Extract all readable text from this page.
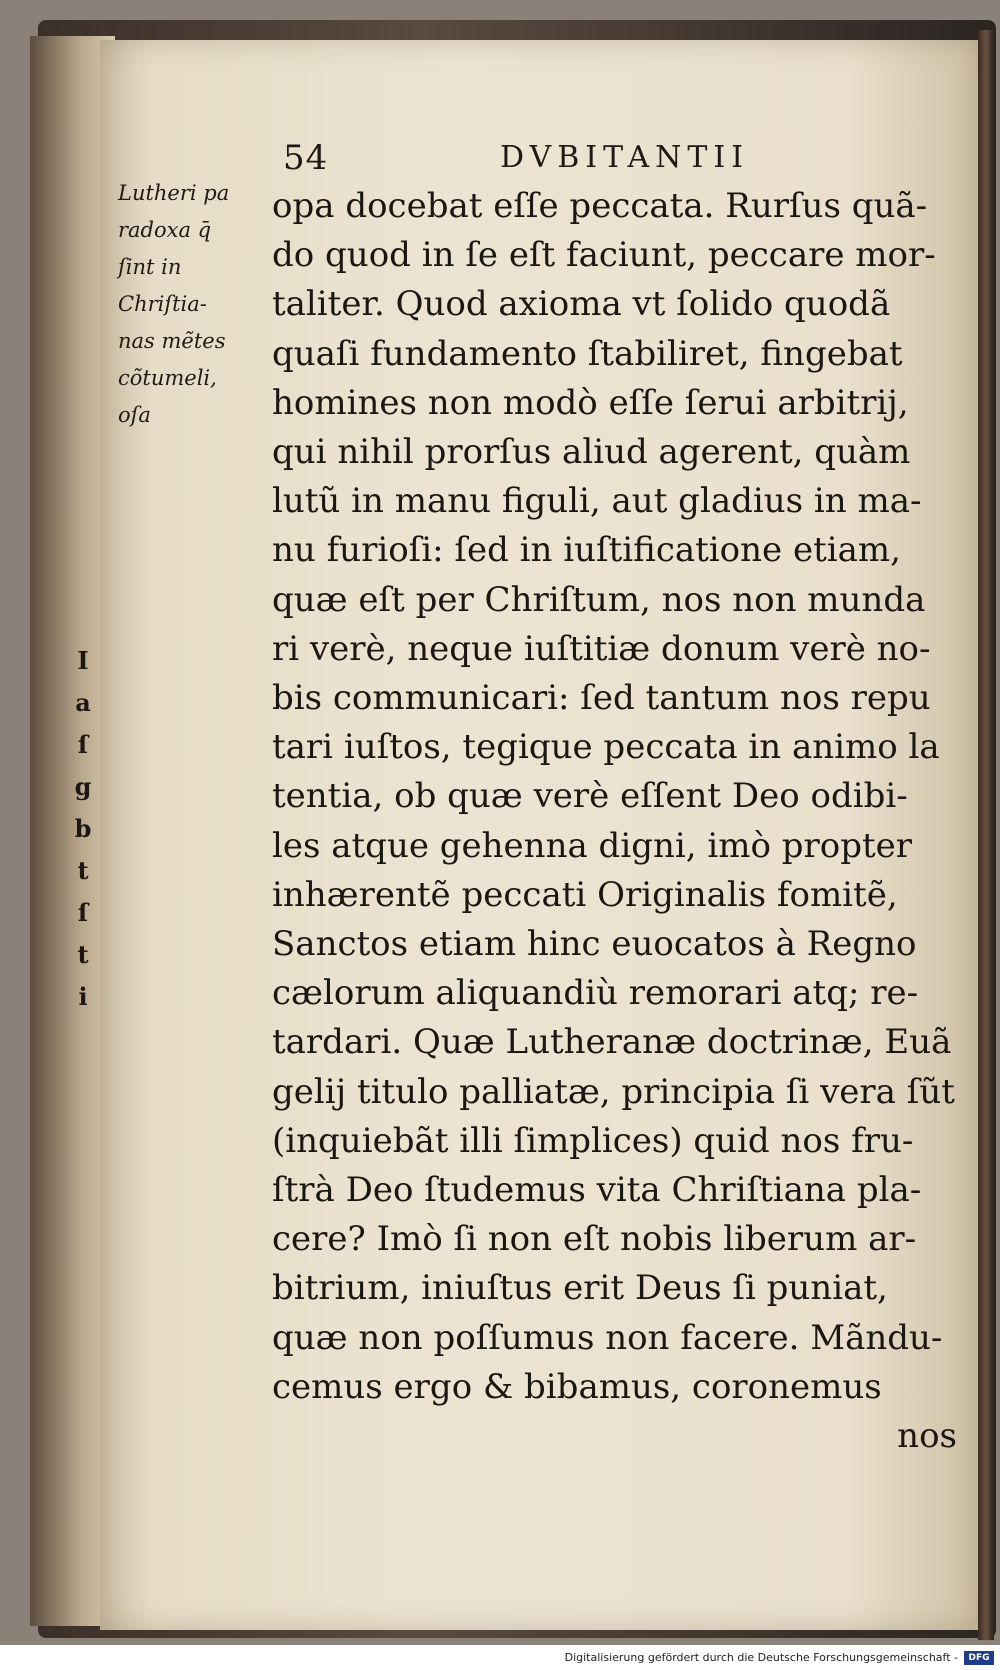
I
a
ſ
g
b
t
ſ
t
i
54	DVBITANTII
Lutheri pa
radoxa q̄
ſint in
Chriſtia-
nas mẽtes
cõtumeli,
oſa
opa docebat eſſe peccata. Rurſus quã-
do quod in ſe eſt faciunt, peccare mor-
taliter. Quod axioma vt ſolido quodã
quaſi fundamento ſtabiliret, fingebat
homines non modò eſſe ſerui arbitrij,
qui nihil prorſus aliud agerent, quàm
lutũ in manu figuli, aut gladius in ma-
nu furioſi: ſed in iuſtificatione etiam,
quæ eſt per Chriſtum, nos non munda
ri verè, neque iuſtitiæ donum verè no-
bis communicari: ſed tantum nos repu
tari iuſtos, tegique peccata in animo la
tentia, ob quæ verè eſſent Deo odibi-
les atque gehenna digni, imò propter
inhærentẽ peccati Originalis fomitẽ,
Sanctos etiam hinc euocatos à Regno
cælorum aliquandiù remorari atq; re-
tardari. Quæ Lutheranæ doctrinæ, Euã
gelij titulo palliatæ, principia ſi vera ſũt
(inquiebãt illi ſimplices) quid nos fru-
ſtrà Deo ſtudemus vita Chriſtiana pla-
cere? Imò ſi non eſt nobis liberum ar-
bitrium, iniuſtus erit Deus ſi puniat,
quæ non poſſumus non facere. Mãndu-
cemus ergo & bibamus, coronemus
nos
Digitalisierung gefördert durch die Deutsche Forschungsgemeinschaft -	DFG
